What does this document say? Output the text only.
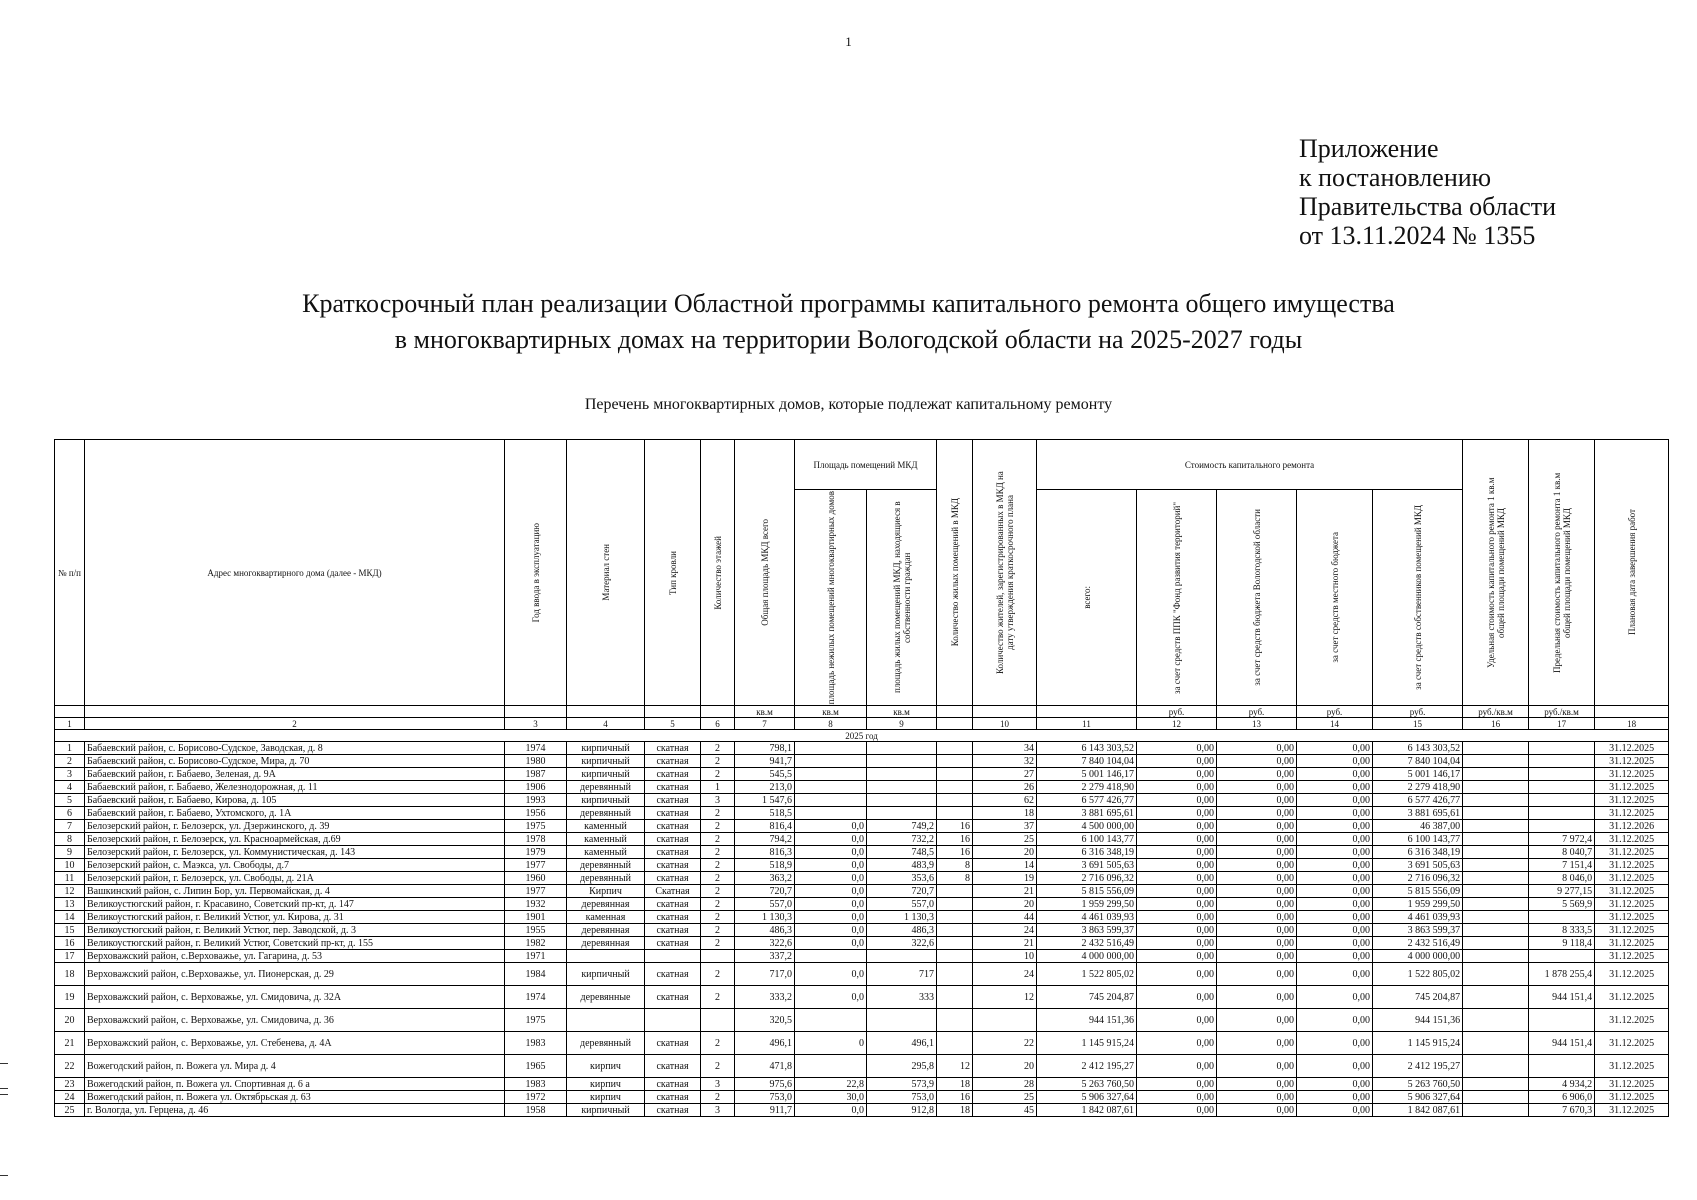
1
Приложение
к постановлению
Правительства области
от 13.11.2024 № 1355
Краткосрочный план реализации Областной программы капитального ремонта общего имущества
в многоквартирных домах на территории Вологодской области на 2025-2027 годы
Перечень многоквартирных домов, которые подлежат капитальному ремонту
№ п/п	Адрес многоквартирного дома (далее - МКД)	Год ввода в эксплуатацию	Материал стен	Тип кровли	Количество этажей	Общая площадь МКД всего	Площадь помещений МКД		Количество жилых помещений в МКД	Количество жителей, зарегистрированных в МКД на дату утверждения краткосрочного плана	Стоимость капитального ремонта					Удельная стоимость капитального ремонта 1 кв.м общей площади помещений МКД	Предельная стоимость капитального ремонта 1 кв.м общей площади помещений МКД	Плановая дата завершения работ

							площадь нежилых помещений многоквартирных домов	площадь жилых помещений МКД, находящиеся в собственности граждан			всего:	за счет средств ППК "Фонд развития территорий"	за счет средств бюджета Вологодской области	за счет средств местного бюджета	за счет средств собственников помещений МКД			

						кв.м	кв.м	кв.м				руб.	руб.	руб.	руб.	руб./кв.м	руб./кв.м	
1	2	3	4	5	6	7	8	9		10	11	12	13	14	15	16	17	18
2025 год																		
1	Бабаевский район, с. Борисово-Судское, Заводская, д. 8	1974	кирпичный	скатная	2	798,1				34	6 143 303,52	0,00	0,00	0,00	6 143 303,52			31.12.2025
2	Бабаевский район, с. Борисово-Судское, Мира, д. 70	1980	кирпичный	скатная	2	941,7				32	7 840 104,04	0,00	0,00	0,00	7 840 104,04			31.12.2025
3	Бабаевский район, г. Бабаево, Зеленая, д. 9А	1987	кирпичный	скатная	2	545,5				27	5 001 146,17	0,00	0,00	0,00	5 001 146,17			31.12.2025
4	Бабаевский район, г. Бабаево, Железнодорожная, д. 11	1906	деревянный	скатная	1	213,0				26	2 279 418,90	0,00	0,00	0,00	2 279 418,90			31.12.2025
5	Бабаевский район, г. Бабаево, Кирова, д. 105	1993	кирпичный	скатная	3	1 547,6				62	6 577 426,77	0,00	0,00	0,00	6 577 426,77			31.12.2025
6	Бабаевский район, г. Бабаево, Ухтомского, д. 1А	1956	деревянный	скатная	2	518,5				18	3 881 695,61	0,00	0,00	0,00	3 881 695,61			31.12.2025
7	Белозерский район, г. Белозерск, ул. Дзержинского, д. 39	1975	каменный	скатная	2	816,4	0,0	749,2	16	37	4 500 000,00	0,00	0,00	0,00	46 387,00			31.12.2026
8	Белозерский район, г. Белозерск, ул. Красноармейская, д.69	1978	каменный	скатная	2	794,2	0,0	732,2	16	25	6 100 143,77	0,00	0,00	0,00	6 100 143,77		7 972,4	31.12.2025
9	Белозерский район, г. Белозерск, ул. Коммунистическая, д. 143	1979	каменный	скатная	2	816,3	0,0	748,5	16	20	6 316 348,19	0,00	0,00	0,00	6 316 348,19		8 040,7	31.12.2025
10	Белозерский район, с. Маэкса, ул. Свободы, д.7	1977	деревянный	скатная	2	518,9	0,0	483,9	8	14	3 691 505,63	0,00	0,00	0,00	3 691 505,63		7 151,4	31.12.2025
11	Белозерский район, г. Белозерск, ул. Свободы, д. 21А	1960	деревянный	скатная	2	363,2	0,0	353,6	8	19	2 716 096,32	0,00	0,00	0,00	2 716 096,32		8 046,0	31.12.2025
12	Вашкинский район, с. Липин Бор, ул. Первомайская, д. 4	1977	Кирпич	Скатная	2	720,7	0,0	720,7		21	5 815 556,09	0,00	0,00	0,00	5 815 556,09		9 277,15	31.12.2025
13	Великоустюгский район, г. Красавино, Советский пр-кт, д. 147	1932	деревянная	скатная	2	557,0	0,0	557,0		20	1 959 299,50	0,00	0,00	0,00	1 959 299,50		5 569,9	31.12.2025
14	Великоустюгский район, г. Великий Устюг, ул. Кирова, д. 31	1901	каменная	скатная	2	1 130,3	0,0	1 130,3		44	4 461 039,93	0,00	0,00	0,00	4 461 039,93			31.12.2025
15	Великоустюгский район, г. Великий Устюг, пер. Заводской, д. 3	1955	деревянная	скатная	2	486,3	0,0	486,3		24	3 863 599,37	0,00	0,00	0,00	3 863 599,37		8 333,5	31.12.2025
16	Великоустюгский район, г. Великий Устюг, Советский пр-кт, д. 155	1982	деревянная	скатная	2	322,6	0,0	322,6		21	2 432 516,49	0,00	0,00	0,00	2 432 516,49		9 118,4	31.12.2025
17	Верховажский район, с.Верховажье, ул. Гагарина, д. 53	1971				337,2				10	4 000 000,00	0,00	0,00	0,00	4 000 000,00			31.12.2025
18	Верховажский район, с.Верховажье, ул. Пионерская, д. 29	1984	кирпичный	скатная	2	717,0	0,0	717		24	1 522 805,02	0,00	0,00	0,00	1 522 805,02		1 878 255,4	31.12.2025
19	Верховажский район, с. Верховажье, ул. Смидовича, д. 32А	1974	деревянные	скатная	2	333,2	0,0	333		12	745 204,87	0,00	0,00	0,00	745 204,87		944 151,4	31.12.2025
20	Верховажский район, с. Верховажье, ул. Смидовича, д. 36	1975				320,5					944 151,36	0,00	0,00	0,00	944 151,36			31.12.2025
21	Верховажский район, с. Верховажье, ул. Стебенева, д. 4А	1983	деревянный	скатная	2	496,1	0	496,1		22	1 145 915,24	0,00	0,00	0,00	1 145 915,24		944 151,4	31.12.2025
22	Вожегодский район, п. Вожега ул. Мира д. 4	1965	кирпич	скатная	2	471,8		295,8	12	20	2 412 195,27	0,00	0,00	0,00	2 412 195,27			31.12.2025
23	Вожегодский район, п. Вожега ул. Спортивная д. 6 а	1983	кирпич	скатная	3	975,6	22,8	573,9	18	28	5 263 760,50	0,00	0,00	0,00	5 263 760,50		4 934,2	31.12.2025
24	Вожегодский район, п. Вожега ул. Октябрьская д. 63	1972	кирпич	скатная	2	753,0	30,0	753,0	16	25	5 906 327,64	0,00	0,00	0,00	5 906 327,64		6 906,0	31.12.2025
25	г. Вологда, ул. Герцена, д. 46	1958	кирпичный	скатная	3	911,7	0,0	912,8	18	45	1 842 087,61	0,00	0,00	0,00	1 842 087,61		7 670,3	31.12.2025
